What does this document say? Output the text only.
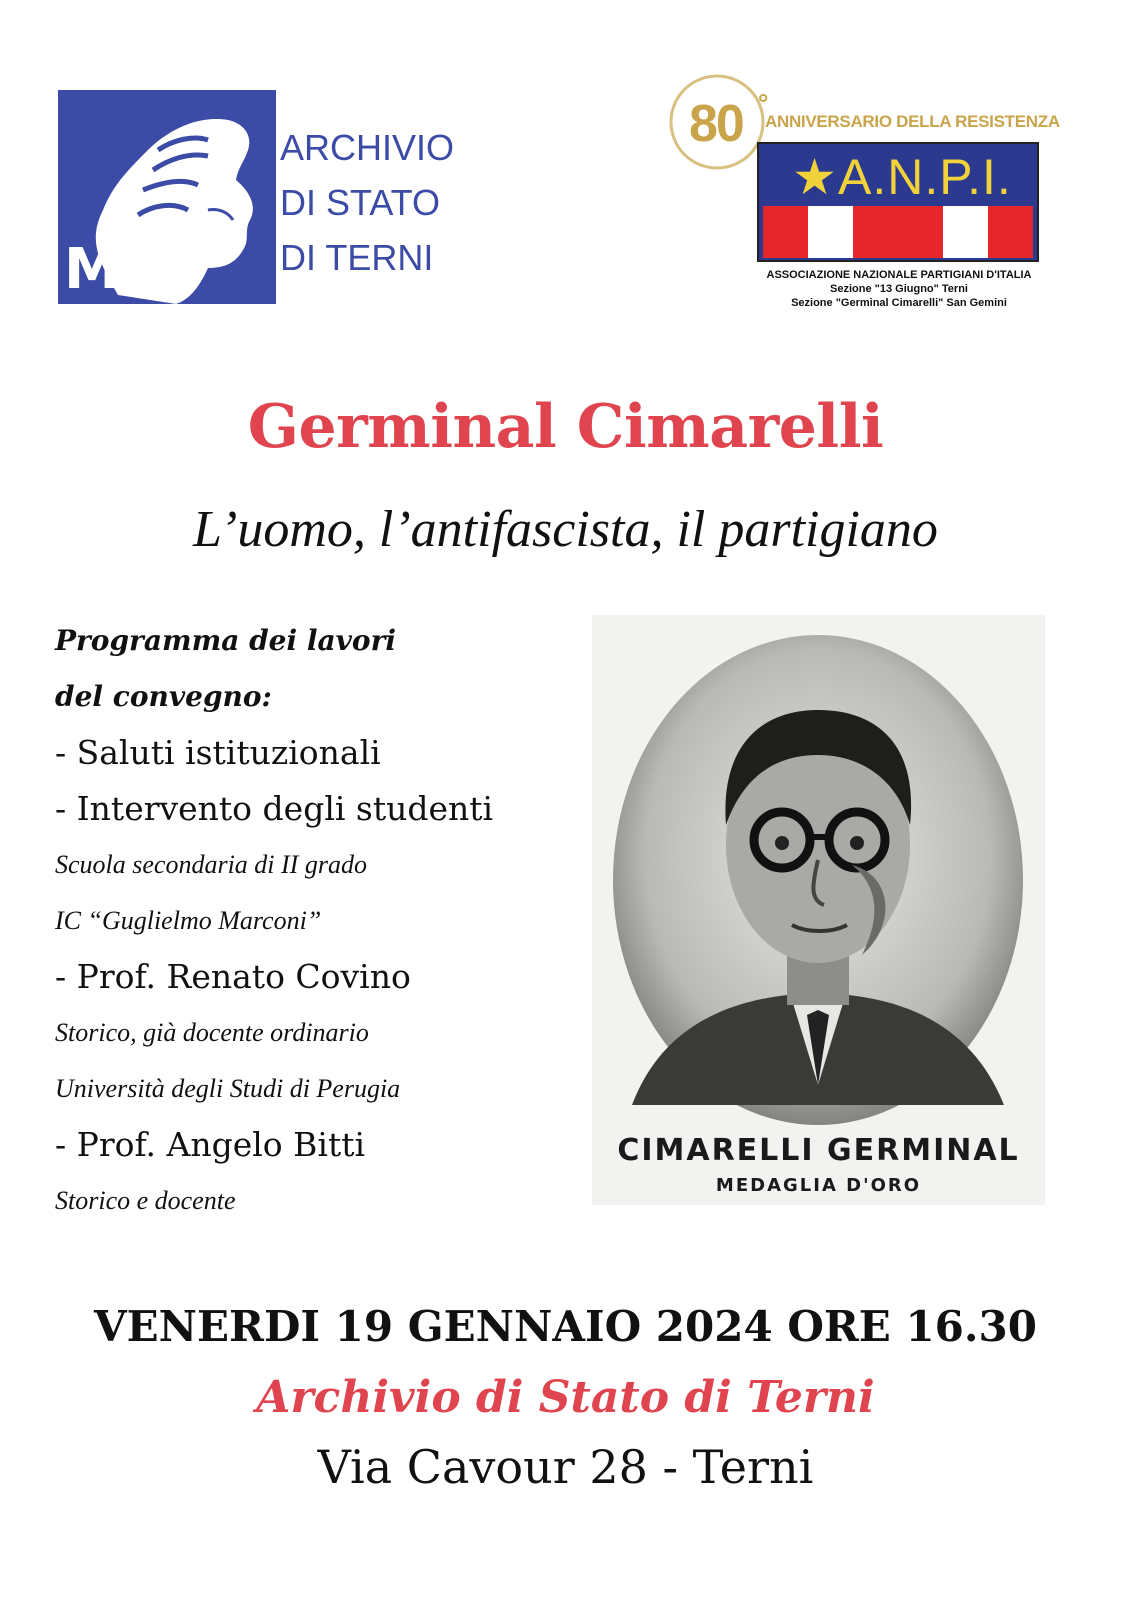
MiC
ARCHIVIO
DI STATO
DI TERNI
80 °
ANNIVERSARIO DELLA RESISTENZA
★A.N.P.I.
ASSOCIAZIONE NAZIONALE PARTIGIANI D'ITALIA
Sezione "13 Giugno" Terni
Sezione "Germinal Cimarelli" San Gemini
Germinal Cimarelli
L’uomo, l’antifascista, il partigiano
Programma dei lavori
del convegno:
- Saluti istituzionali
- Intervento degli studenti
Scuola secondaria di II grado
IC “Guglielmo Marconi”
- Prof. Renato Covino
Storico, già docente ordinario
Università degli Studi di Perugia
- Prof. Angelo Bitti
Storico e docente
CIMARELLI GERMINAL
MEDAGLIA D'ORO
VENERDI 19 GENNAIO 2024 ORE 16.30
Archivio di Stato di Terni
Via Cavour 28 - Terni
